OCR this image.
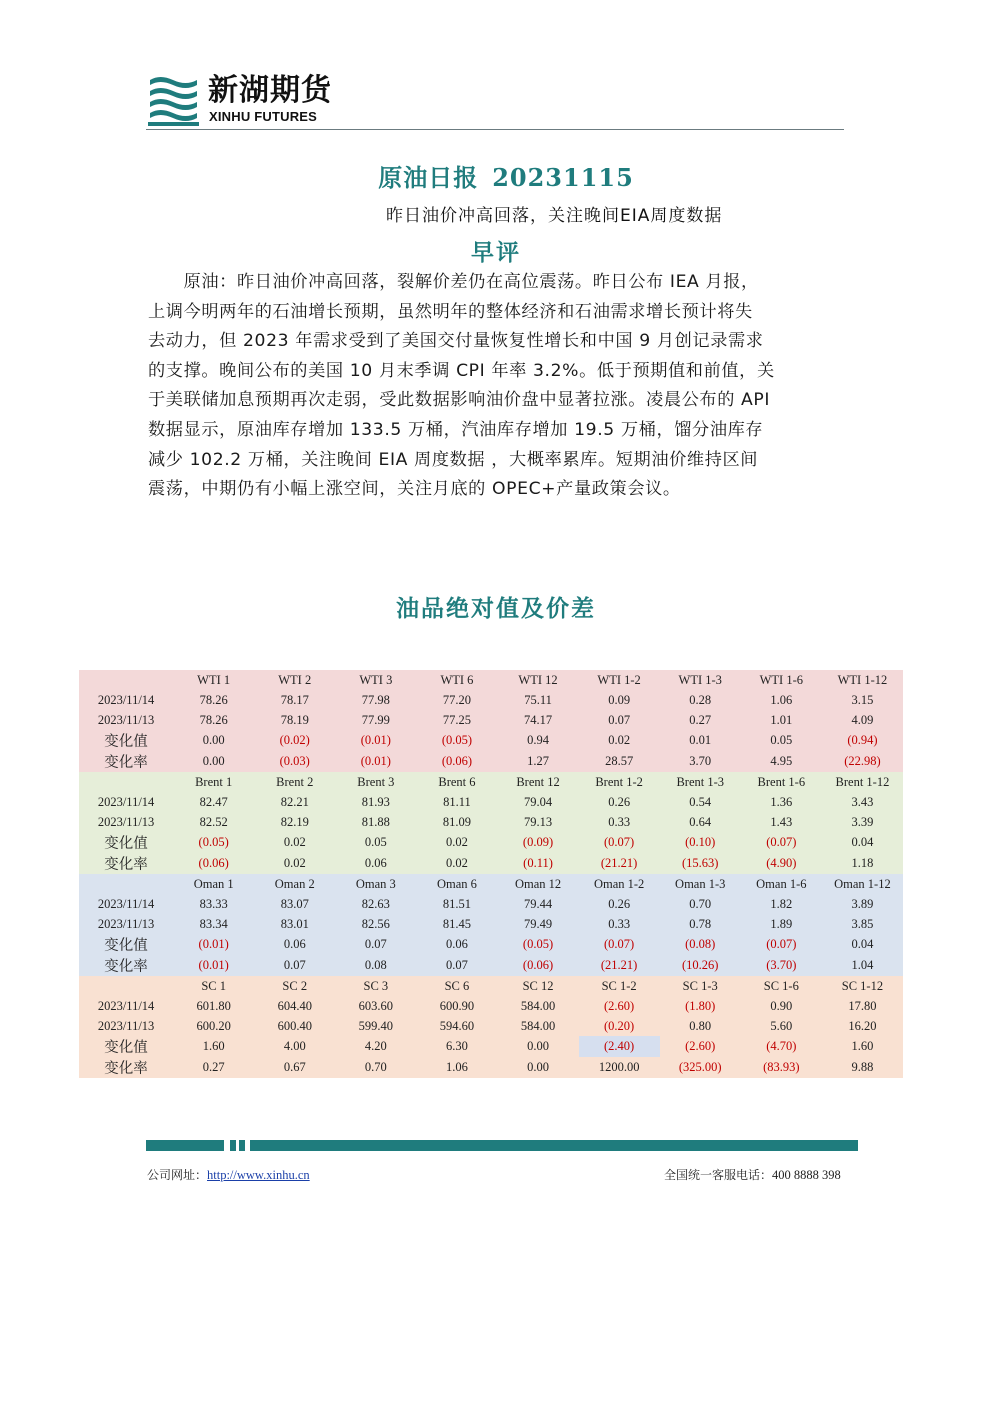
新湖期货
XINHU FUTURES
原油日报 20231115
昨日油价冲高回落，关注晚间EIA周度数据
早评
　　原油：昨日油价冲高回落，裂解价差仍在高位震荡。昨日公布 IEA 月报，
上调今明两年的石油增长预期，虽然明年的整体经济和石油需求增长预计将失
去动力，但 2023 年需求受到了美国交付量恢复性增长和中国 9 月创记录需求
的支撑。晚间公布的美国 10 月末季调 CPI 年率 3.2%。低于预期值和前值，关
于美联储加息预期再次走弱，受此数据影响油价盘中显著拉涨。凌晨公布的 API
数据显示，原油库存增加 133.5 万桶，汽油库存增加 19.5 万桶，馏分油库存
减少 102.2 万桶，关注晚间 EIA 周度数据 ，大概率累库。短期油价维持区间
震荡，中期仍有小幅上涨空间，关注月底的 OPEC+产量政策会议。
油品绝对值及价差
	WTI 1	WTI 2	WTI 3	WTI 6	WTI 12	WTI 1-2	WTI 1-3	WTI 1-6	WTI 1-12
2023/11/14	78.26	78.17	77.98	77.20	75.11	0.09	0.28	1.06	3.15
2023/11/13	78.26	78.19	77.99	77.25	74.17	0.07	0.27	1.01	4.09
变化值	0.00	(0.02)	(0.01)	(0.05)	0.94	0.02	0.01	0.05	(0.94)
变化率	0.00	(0.03)	(0.01)	(0.06)	1.27	28.57	3.70	4.95	(22.98)
	Brent 1	Brent 2	Brent 3	Brent 6	Brent 12	Brent 1-2	Brent 1-3	Brent 1-6	Brent 1-12
2023/11/14	82.47	82.21	81.93	81.11	79.04	0.26	0.54	1.36	3.43
2023/11/13	82.52	82.19	81.88	81.09	79.13	0.33	0.64	1.43	3.39
变化值	(0.05)	0.02	0.05	0.02	(0.09)	(0.07)	(0.10)	(0.07)	0.04
变化率	(0.06)	0.02	0.06	0.02	(0.11)	(21.21)	(15.63)	(4.90)	1.18
	Oman 1	Oman 2	Oman 3	Oman 6	Oman 12	Oman 1-2	Oman 1-3	Oman 1-6	Oman 1-12
2023/11/14	83.33	83.07	82.63	81.51	79.44	0.26	0.70	1.82	3.89
2023/11/13	83.34	83.01	82.56	81.45	79.49	0.33	0.78	1.89	3.85
变化值	(0.01)	0.06	0.07	0.06	(0.05)	(0.07)	(0.08)	(0.07)	0.04
变化率	(0.01)	0.07	0.08	0.07	(0.06)	(21.21)	(10.26)	(3.70)	1.04
	SC 1	SC 2	SC 3	SC 6	SC 12	SC 1-2	SC 1-3	SC 1-6	SC 1-12
2023/11/14	601.80	604.40	603.60	600.90	584.00	(2.60)	(1.80)	0.90	17.80
2023/11/13	600.20	600.40	599.40	594.60	584.00	(0.20)	0.80	5.60	16.20
变化值	1.60	4.00	4.20	6.30	0.00	(2.40)	(2.60)	(4.70)	1.60
变化率	0.27	0.67	0.70	1.06	0.00	1200.00	(325.00)	(83.93)	9.88
公司网址：http://www.xinhu.cn	全国统一客服电话：400 8888 398
